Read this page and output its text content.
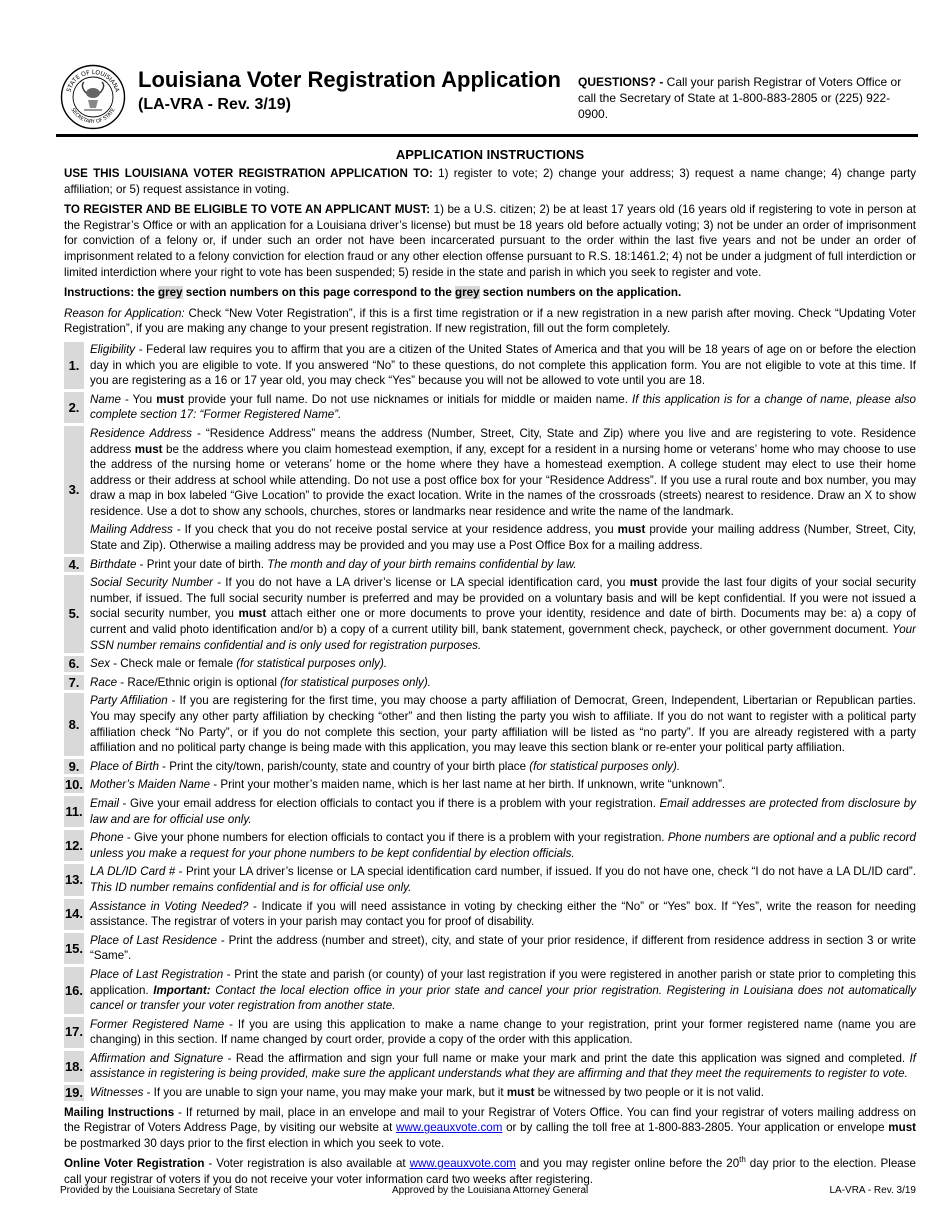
STATE OF LOUISIANA
SECRETARY OF STATE
Louisiana Voter Registration Application
(LA-VRA - Rev. 3/19)
QUESTIONS? - Call your parish Registrar of Voters Office or call the Secretary of State at 1-800-883-2805 or (225) 922-0900.
APPLICATION INSTRUCTIONS

USE THIS LOUISIANA VOTER REGISTRATION APPLICATION TO: 1) register to vote; 2) change your address; 3) request a name change; 4) change party affiliation; or 5) request assistance in voting.

TO REGISTER AND BE ELIGIBLE TO VOTE AN APPLICANT MUST: 1) be a U.S. citizen; 2) be at least 17 years old (16 years old if registering to vote in person at the Registrar’s Office or with an application for a Louisiana driver’s license) but must be 18 years old before actually voting; 3) not be under an order of imprisonment for conviction of a felony or, if under such an order not have been incarcerated pursuant to the order within the last five years and not be under an order of imprisonment related to a felony conviction for election fraud or any other election offense pursuant to R.S. 18:1461.2; 4) not be under a judgment of full interdiction or limited interdiction where your right to vote has been suspended; 5) reside in the state and parish in which you seek to register and vote.

Instructions: the grey section numbers on this page correspond to the grey section numbers on the application.

Reason for Application: Check “New Voter Registration”, if this is a first time registration or if a new registration in a new parish after moving. Check “Updating Voter Registration”, if you are making any change to your present registration. If new registration, fill out the form completely.

1.
Eligibility - Federal law requires you to affirm that you are a citizen of the United States of America and that you will be 18 years of age on or before the election day in which you are eligible to vote. If you answered “No” to these questions, do not complete this application form. You are not eligible to vote at this time. If you are registering as a 16 or 17 year old, you may check “Yes” because you will not be allowed to vote until you are 18.
2.
Name - You must provide your full name. Do not use nicknames or initials for middle or maiden name. If this application is for a change of name, please also complete section 17: “Former Registered Name”.
3.

Residence Address - “Residence Address” means the address (Number, Street, City, State and Zip) where you live and are registering to vote. Residence address must be the address where you claim homestead exemption, if any, except for a resident in a nursing home or veterans’ home who may choose to use the address of the nursing home or veterans’ home or the home where they have a homestead exemption. A college student may elect to use their home address or their address at school while attending. Do not use a post office box for your “Residence Address”. If you use a rural route and box number, you may draw a map in box labeled “Give Location” to provide the exact location. Write in the names of the crossroads (streets) nearest to residence. Draw an X to show residence. Use a dot to show any schools, churches, stores or landmarks near residence and write the name of the landmark.

Mailing Address - If you check that you do not receive postal service at your residence address, you must provide your mailing address (Number, Street, City, State and Zip). Otherwise a mailing address may be provided and you may use a Post Office Box for a mailing address.

4. Birthdate - Print your date of birth. The month and day of your birth remains confidential by law.
5.
Social Security Number - If you do not have a LA driver’s license or LA special identification card, you must provide the last four digits of your social security number, if issued. The full social security number is preferred and may be provided on a voluntary basis and will be kept confidential. If you were not issued a social security number, you must attach either one or more documents to prove your identity, residence and date of birth. Documents may be: a) a copy of current and valid photo identification and/or b) a copy of a current utility bill, bank statement, government check, paycheck, or other government document. Your SSN number remains confidential and is only used for registration purposes.
6. Sex - Check male or female (for statistical purposes only).
7. Race - Race/Ethnic origin is optional (for statistical purposes only).
8.
Party Affiliation - If you are registering for the first time, you may choose a party affiliation of Democrat, Green, Independent, Libertarian or Republican parties. You may specify any other party affiliation by checking “other” and then listing the party you wish to affiliate. If you do not want to register with a political party affiliation check “No Party”, or if you do not complete this section, your party affiliation will be listed as “no party”. If you are already registered with a party affiliation and no political party change is being made with this application, you may leave this section blank or re-enter your political party affiliation.
9. Place of Birth - Print the city/town, parish/county, state and country of your birth place (for statistical purposes only).
10. Mother’s Maiden Name - Print your mother’s maiden name, which is her last name at her birth. If unknown, write “unknown”.
11.
Email - Give your email address for election officials to contact you if there is a problem with your registration. Email addresses are protected from disclosure by law and are for official use only.
12.
Phone - Give your phone numbers for election officials to contact you if there is a problem with your registration. Phone numbers are optional and a public record unless you make a request for your phone numbers to be kept confidential by election officials.
13.
LA DL/ID Card # - Print your LA driver’s license or LA special identification card number, if issued. If you do not have one, check “I do not have a LA DL/ID card”. This ID number remains confidential and is for official use only.
14.
Assistance in Voting Needed? - Indicate if you will need assistance in voting by checking either the “No” or “Yes” box. If “Yes”, write the reason for needing assistance. The registrar of voters in your parish may contact you for proof of disability.
15.
Place of Last Residence - Print the address (number and street), city, and state of your prior residence, if different from residence address in section 3 or write “Same”.
16.
Place of Last Registration - Print the state and parish (or county) of your last registration if you were registered in another parish or state prior to completing this application. Important: Contact the local election office in your prior state and cancel your prior registration. Registering in Louisiana does not automatically cancel or transfer your voter registration from another state.
17.
Former Registered Name - If you are using this application to make a name change to your registration, print your former registered name (name you are changing) in this section. If name changed by court order, provide a copy of the order with this application.
18.
Affirmation and Signature - Read the affirmation and sign your full name or make your mark and print the date this application was signed and completed. If assistance in registering is being provided, make sure the applicant understands what they are affirming and that they meet the requirements to register to vote.
19. Witnesses - If you are unable to sign your name, you may make your mark, but it must be witnessed by two people or it is not valid.

Mailing Instructions - If returned by mail, place in an envelope and mail to your Registrar of Voters Office. You can find your registrar of voters mailing address on the Registrar of Voters Address Page, by visiting our website at www.geauxvote.com or by calling the toll free at 1-800-883-2805. Your application or envelope must be postmarked 30 days prior to the first election in which you seek to vote.

Online Voter Registration - Voter registration is also available at www.geauxvote.com and you may register online before the 20th day prior to the election. Please call your registrar of voters if you do not receive your voter information card two weeks after registering.

Provided by the Louisiana Secretary of State	Approved by the Louisiana Attorney General	LA-VRA - Rev. 3/19
